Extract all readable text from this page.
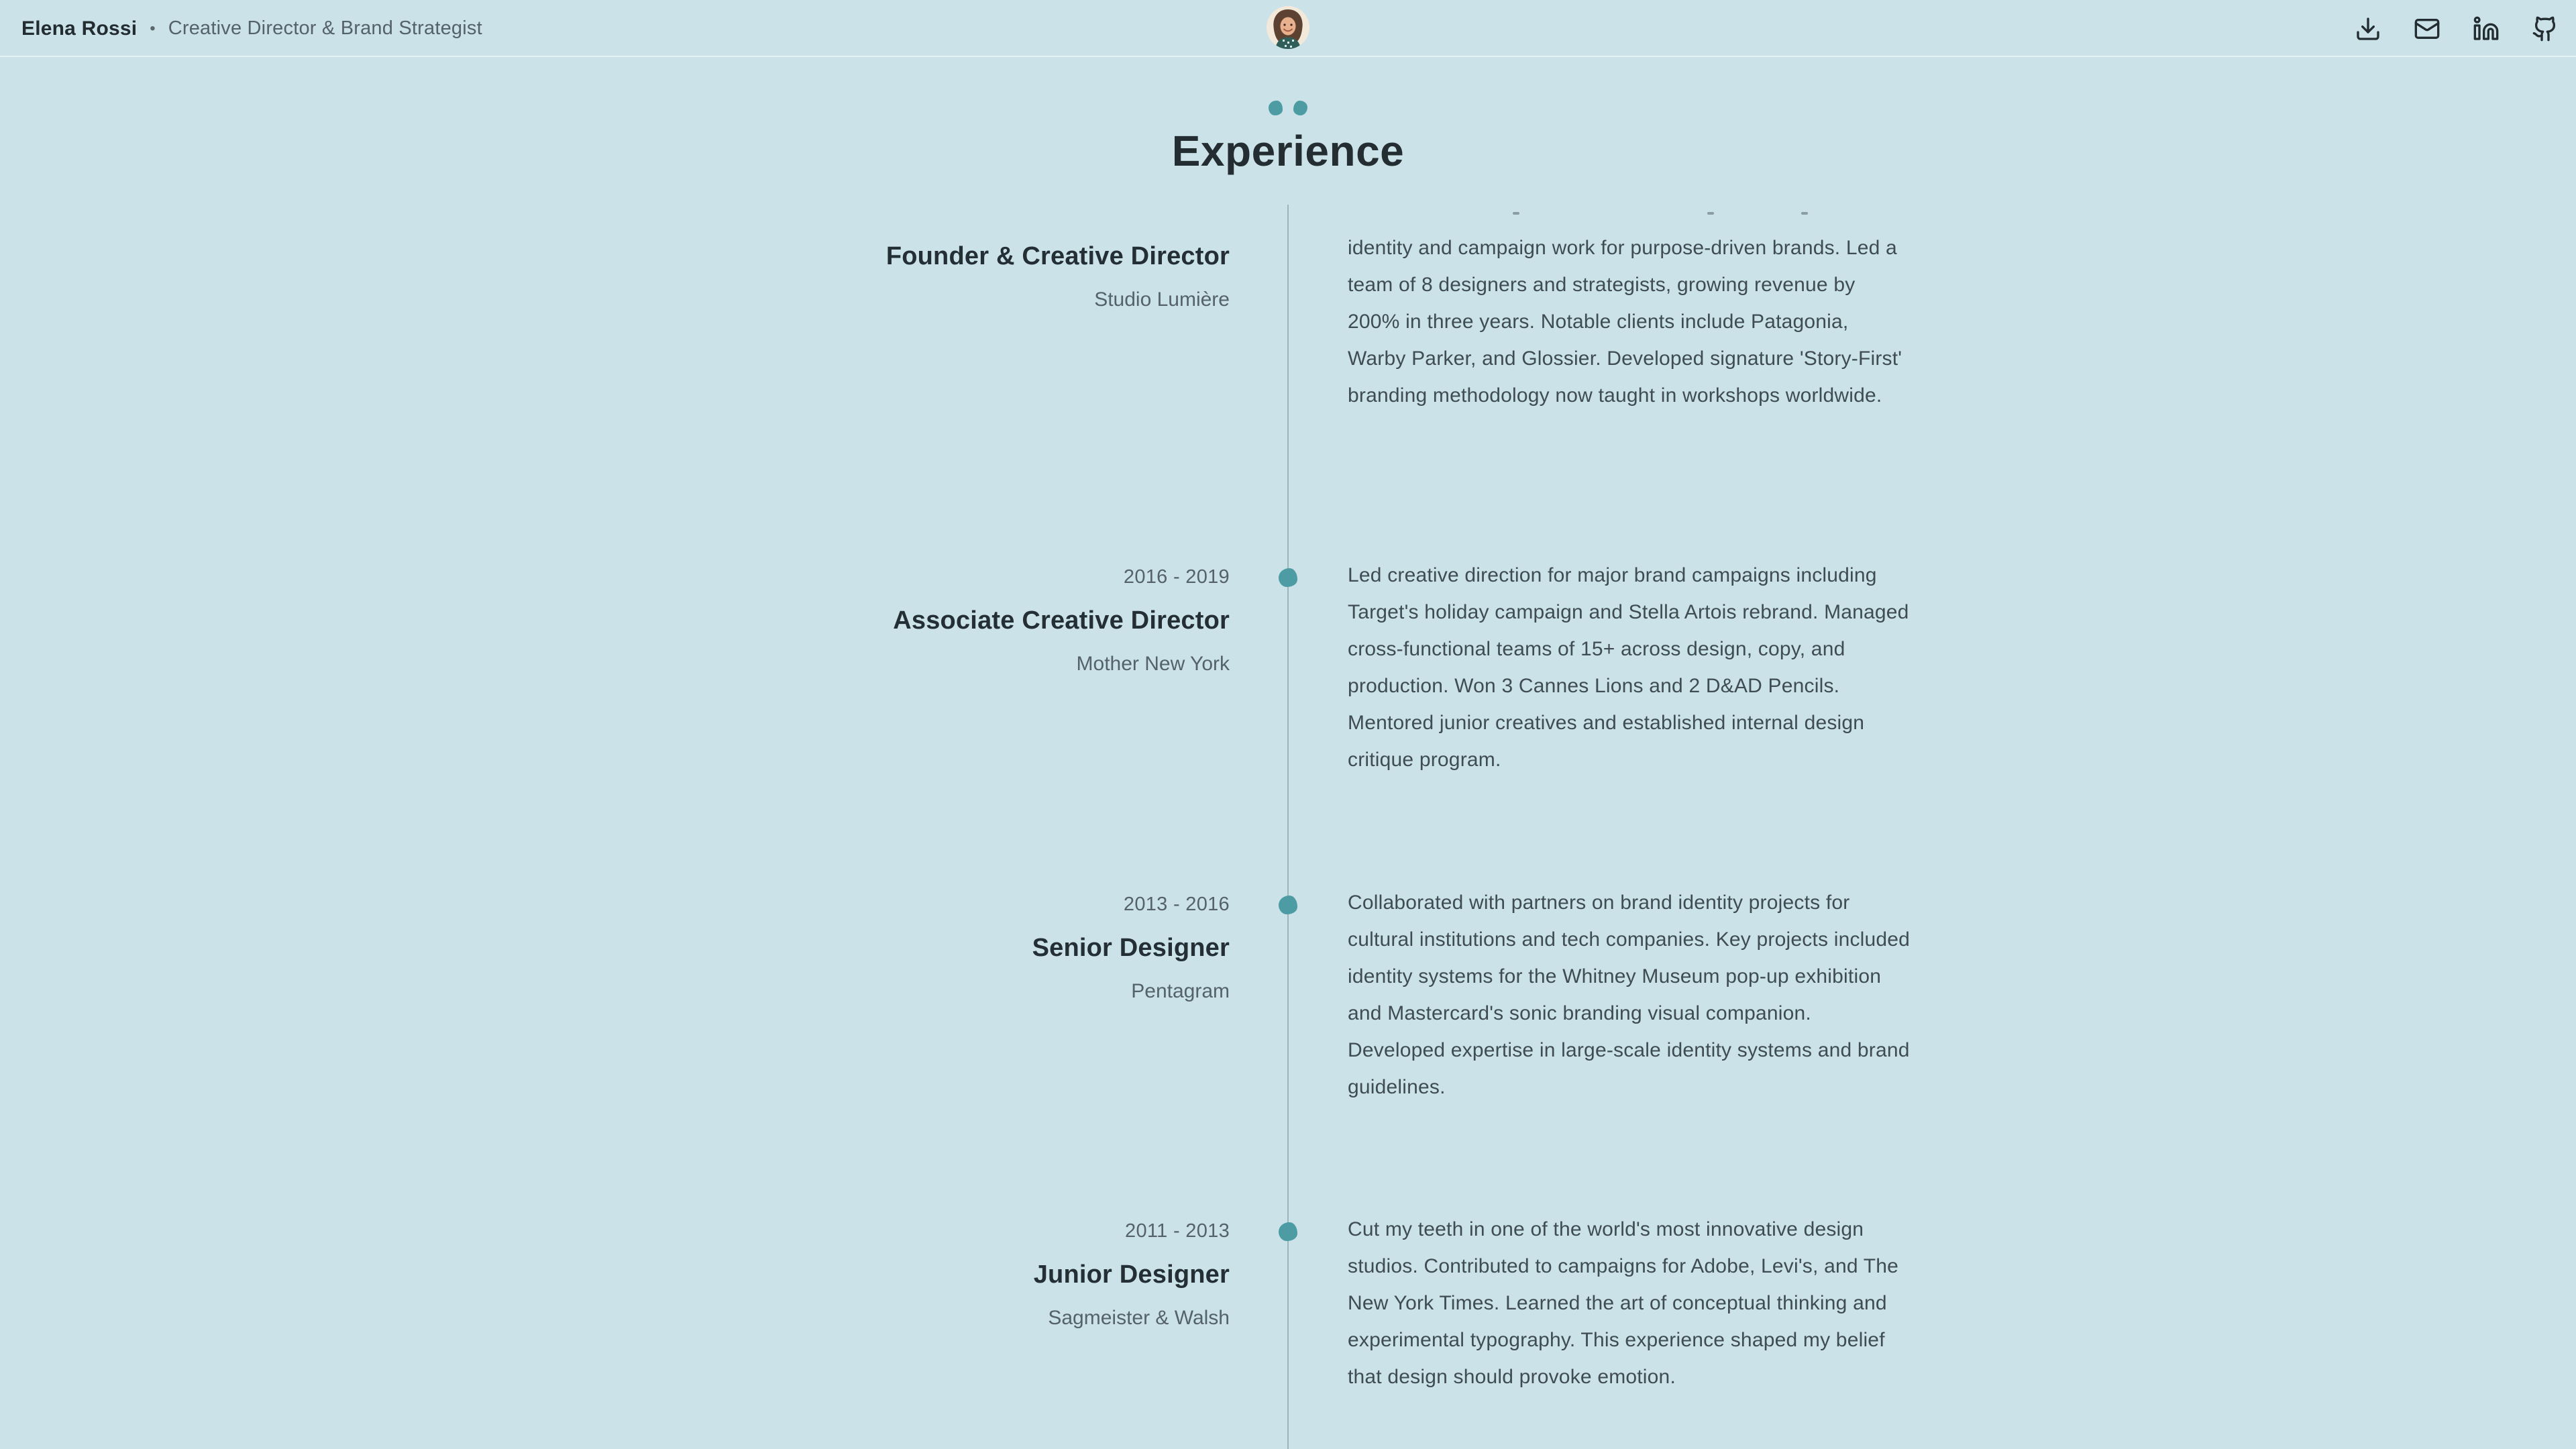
Elena Rossi • Creative Director & Brand Strategist
Experience
Founder & Creative Director
Studio Lumière

identity and campaign work for purpose-driven brands. Led a team of 8 designers and strategists, growing revenue by 200% in three years. Notable clients include Patagonia, Warby Parker, and Glossier. Developed signature 'Story-First' branding methodology now taught in workshops worldwide.

2016 - 2019
Associate Creative Director
Mother New York

Led creative direction for major brand campaigns including Target's holiday campaign and Stella Artois rebrand. Managed cross-functional teams of 15+ across design, copy, and production. Won 3 Cannes Lions and 2 D&AD Pencils. Mentored junior creatives and established internal design critique program.

2013 - 2016
Senior Designer
Pentagram

Collaborated with partners on brand identity projects for cultural institutions and tech companies. Key projects included identity systems for the Whitney Museum pop-up exhibition and Mastercard's sonic branding visual companion. Developed expertise in large-scale identity systems and brand guidelines.

2011 - 2013
Junior Designer
Sagmeister & Walsh

Cut my teeth in one of the world's most innovative design studios. Contributed to campaigns for Adobe, Levi's, and The New York Times. Learned the art of conceptual thinking and experimental typography. This experience shaped my belief that design should provoke emotion.
